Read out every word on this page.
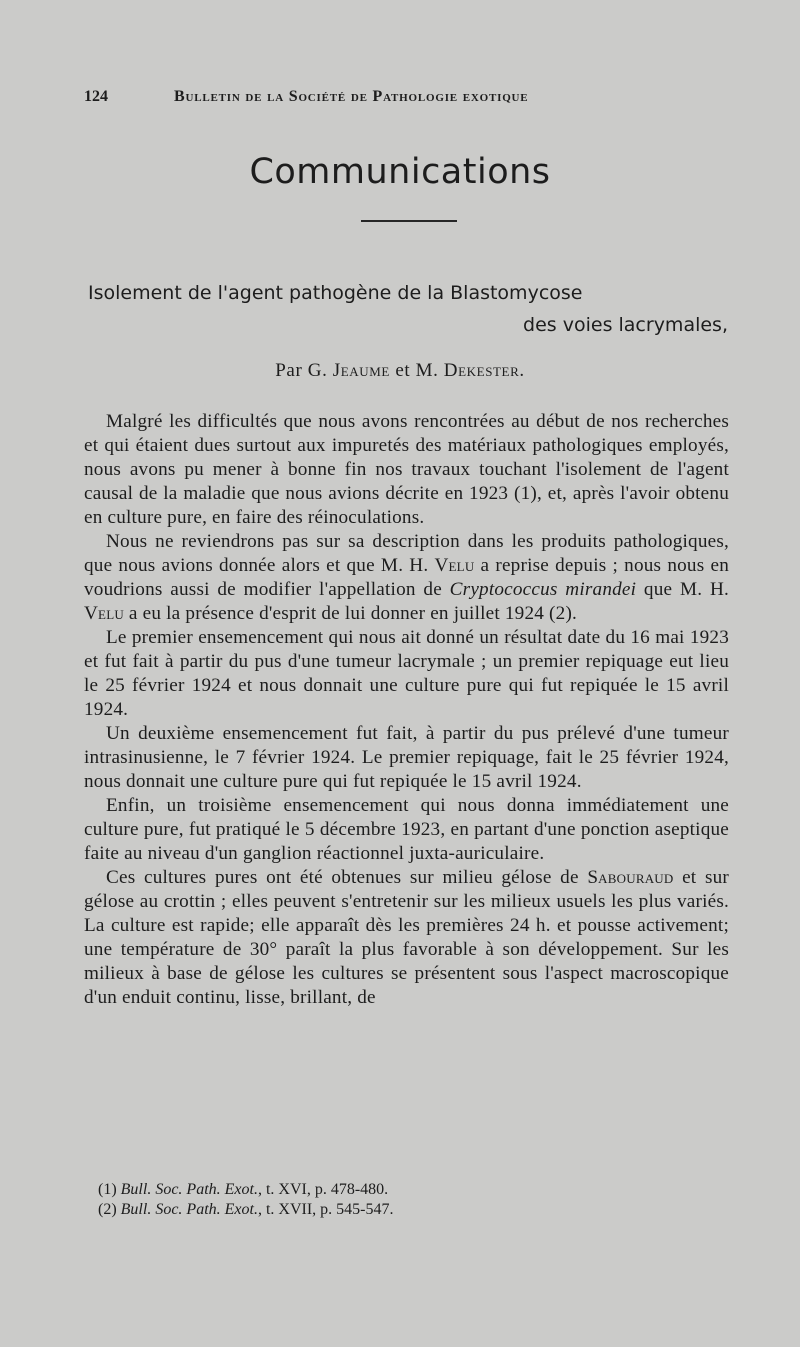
124	Bulletin de la Société de Pathologie exotique
Communications
Isolement de l'agent pathogène de la Blastomycose
des voies lacrymales,
Par G. Jeaume et M. Dekester.

Malgré les difficultés que nous avons rencontrées au début de nos recherches et qui étaient dues surtout aux impuretés des matériaux pathologiques employés, nous avons pu mener à bonne fin nos travaux touchant l'isolement de l'agent causal de la maladie que nous avions décrite en 1923 (1), et, après l'avoir obtenu en culture pure, en faire des réinoculations.

Nous ne reviendrons pas sur sa description dans les produits pathologiques, que nous avions donnée alors et que M. H. Velu a reprise depuis ; nous nous en voudrions aussi de modifier l'appellation de Cryptococcus mirandei que M. H. Velu a eu la présence d'esprit de lui donner en juillet 1924 (2).

Le premier ensemencement qui nous ait donné un résultat date du 16 mai 1923 et fut fait à partir du pus d'une tumeur lacrymale ; un premier repiquage eut lieu le 25 février 1924 et nous donnait une culture pure qui fut repiquée le 15 avril 1924.

Un deuxième ensemencement fut fait, à partir du pus prélevé d'une tumeur intrasinusienne, le 7 février 1924. Le premier repiquage, fait le 25 février 1924, nous donnait une culture pure qui fut repiquée le 15 avril 1924.

Enfin, un troisième ensemencement qui nous donna immédiatement une culture pure, fut pratiqué le 5 décembre 1923, en partant d'une ponction aseptique faite au niveau d'un ganglion réactionnel juxta-auriculaire.

Ces cultures pures ont été obtenues sur milieu gélose de Sabouraud et sur gélose au crottin ; elles peuvent s'entretenir sur les milieux usuels les plus variés. La culture est rapide; elle apparaît dès les premières 24 h. et pousse activement; une température de 30° paraît la plus favorable à son développement. Sur les milieux à base de gélose les cultures se présentent sous l'aspect macroscopique d'un enduit continu, lisse, brillant, de

(1) Bull. Soc. Path. Exot., t. XVI, p. 478-480.
(2) Bull. Soc. Path. Exot., t. XVII, p. 545-547.
